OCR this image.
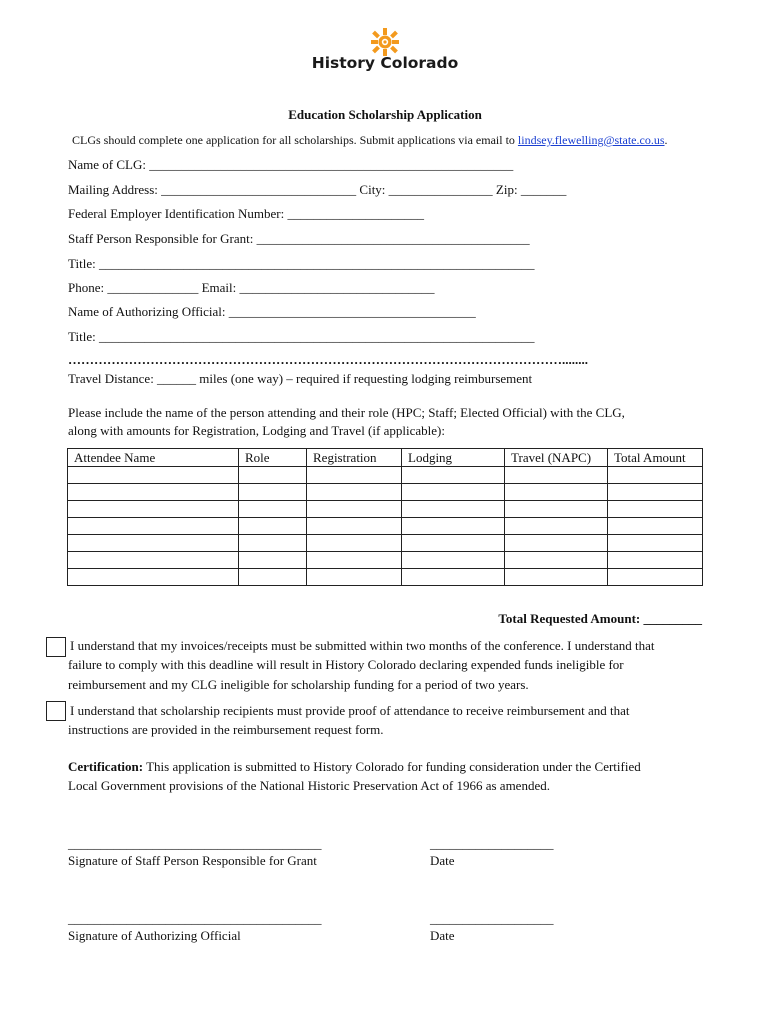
History Colorado
Education Scholarship Application
CLGs should complete one application for all scholarships. Submit applications via email to lindsey.flewelling@state.co.us.
Name of CLG: ________________________________________________________
Mailing Address: ______________________________ City: ________________ Zip: _______
Federal Employer Identification Number: _____________________
Staff Person Responsible for Grant: __________________________________________
Title: ___________________________________________________________________
Phone: ______________ Email: ______________________________
Name of Authorizing Official: ______________________________________
Title: ___________________________________________________________________
……………………………………………………………………………………………………........
Travel Distance: ______ miles (one way) – required if requesting lodging reimbursement
Please include the name of the person attending and their role (HPC; Staff; Elected Official) with the CLG,
along with amounts for Registration, Lodging and Travel (if applicable):
Attendee Name	Role	Registration	Lodging	Travel (NAPC)	Total Amount

Total Requested Amount: _________
I understand that my invoices/receipts must be submitted within two months of the conference. I understand that
failure to comply with this deadline will result in History Colorado declaring expended funds ineligible for
reimbursement and my CLG ineligible for scholarship funding for a period of two years.
I understand that scholarship recipients must provide proof of attendance to receive reimbursement and that
instructions are provided in the reimbursement request form.
Certification: This application is submitted to History Colorado for funding consideration under the Certified
Local Government provisions of the National Historic Preservation Act of 1966 as amended.
_______________________________________	___________________
Signature of Staff Person Responsible for Grant	Date
_______________________________________	___________________
Signature of Authorizing Official	Date
